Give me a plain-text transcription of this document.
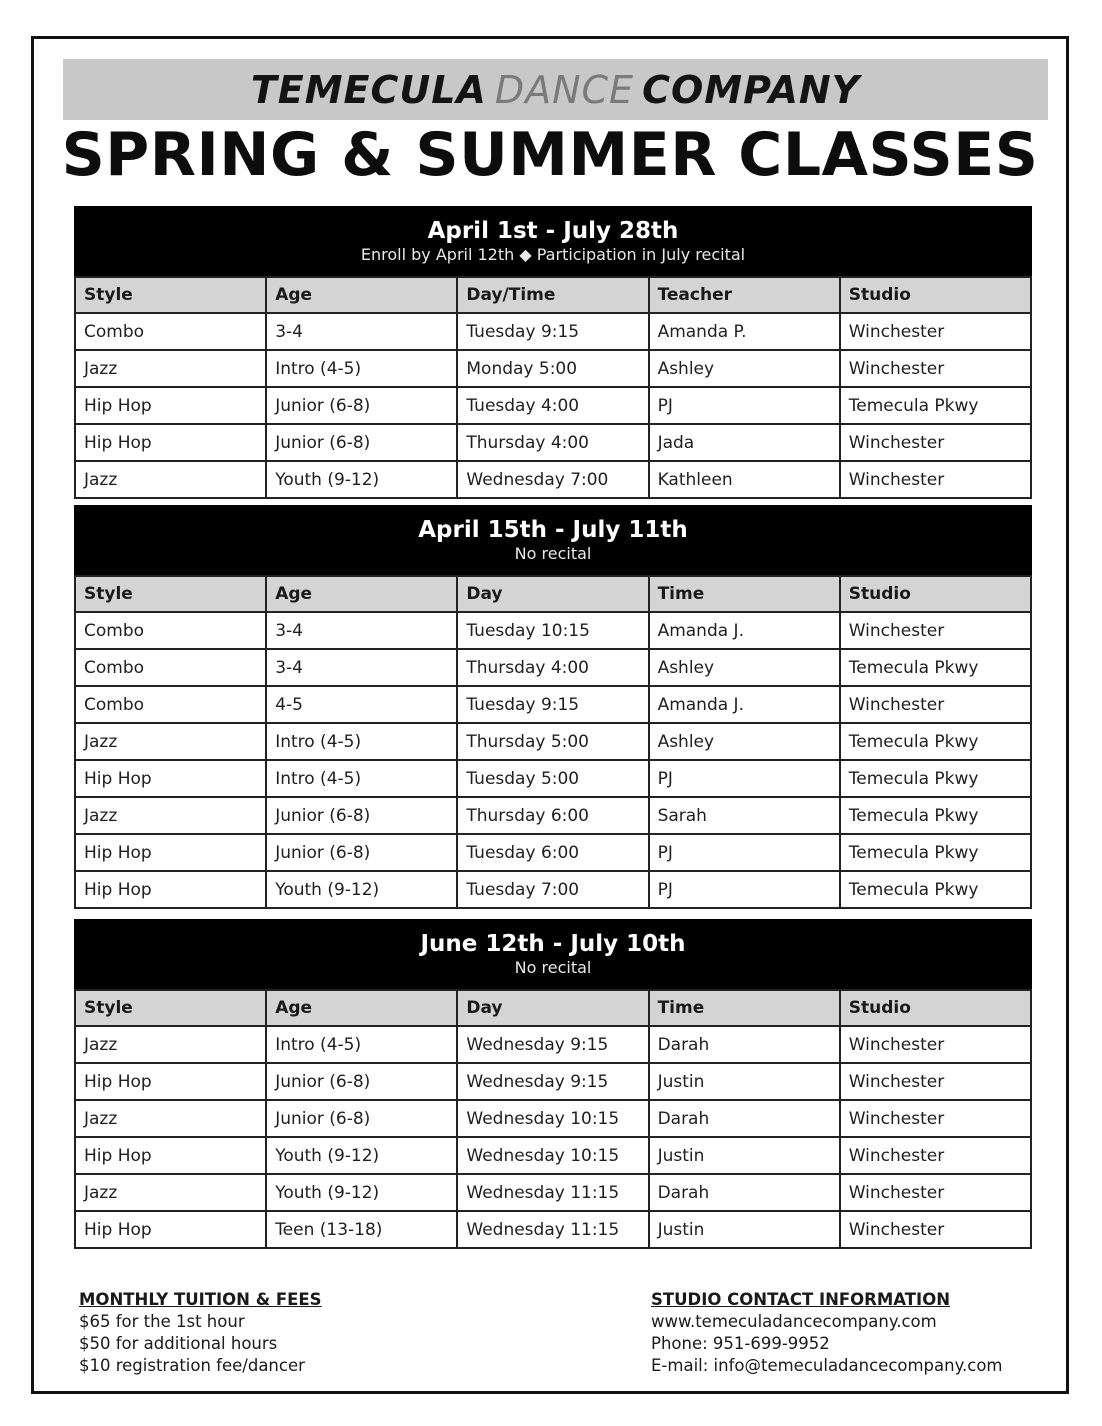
TEMECULA DANCE COMPANY
SPRING & SUMMER CLASSES
April 1st - July 28th
Enroll by April 12th ◆ Participation in July recital
Style	Age	Day/Time	Teacher	Studio
Combo	3-4	Tuesday 9:15	Amanda P.	Winchester
Jazz	Intro (4-5)	Monday 5:00	Ashley	Winchester
Hip Hop	Junior (6-8)	Tuesday 4:00	PJ	Temecula Pkwy
Hip Hop	Junior (6-8)	Thursday 4:00	Jada	Winchester
Jazz	Youth (9-12)	Wednesday 7:00	Kathleen	Winchester
April 15th - July 11th
No recital
Style	Age	Day	Time	Studio
Combo	3-4	Tuesday 10:15	Amanda J.	Winchester
Combo	3-4	Thursday 4:00	Ashley	Temecula Pkwy
Combo	4-5	Tuesday 9:15	Amanda J.	Winchester
Jazz	Intro (4-5)	Thursday 5:00	Ashley	Temecula Pkwy
Hip Hop	Intro (4-5)	Tuesday 5:00	PJ	Temecula Pkwy
Jazz	Junior (6-8)	Thursday 6:00	Sarah	Temecula Pkwy
Hip Hop	Junior (6-8)	Tuesday 6:00	PJ	Temecula Pkwy
Hip Hop	Youth (9-12)	Tuesday 7:00	PJ	Temecula Pkwy
June 12th - July 10th
No recital
Style	Age	Day	Time	Studio
Jazz	Intro (4-5)	Wednesday 9:15	Darah	Winchester
Hip Hop	Junior (6-8)	Wednesday 9:15	Justin	Winchester
Jazz	Junior (6-8)	Wednesday 10:15	Darah	Winchester
Hip Hop	Youth (9-12)	Wednesday 10:15	Justin	Winchester
Jazz	Youth (9-12)	Wednesday 11:15	Darah	Winchester
Hip Hop	Teen (13-18)	Wednesday 11:15	Justin	Winchester
MONTHLY TUITION & FEES
$65 for the 1st hour
$50 for additional hours
$10 registration fee/dancer
STUDIO CONTACT INFORMATION
www.temeculadancecompany.com
Phone: 951-699-9952
E-mail: info@temeculadancecompany.com
